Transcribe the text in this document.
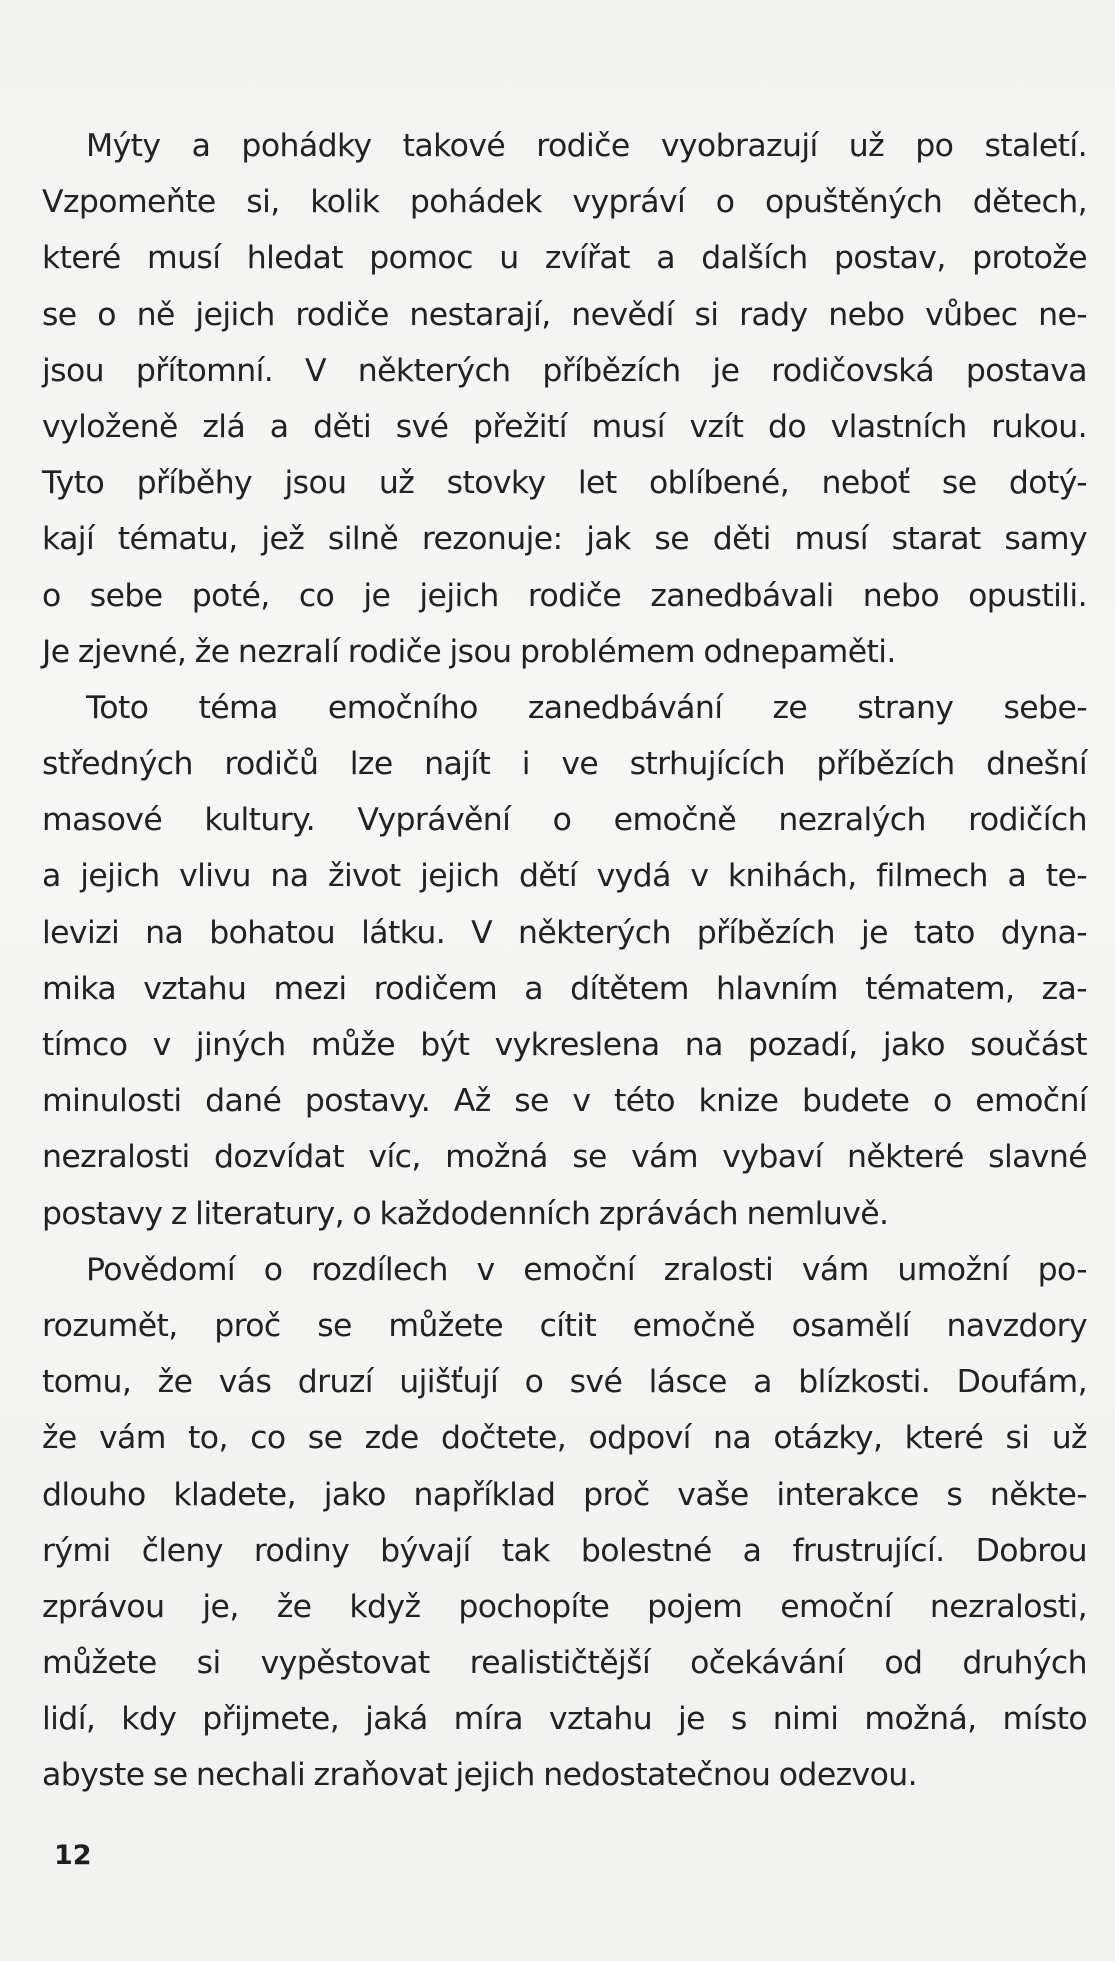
Mýty a pohádky takové rodiče vyobrazují už po staletí.
Vzpomeňte si, kolik pohádek vypráví o opuštěných dětech,
které musí hledat pomoc u zvířat a dalších postav, protože
se o ně jejich rodiče nestarají, nevědí si rady nebo vůbec ne-
jsou přítomní. V některých příbězích je rodičovská postava
vyloženě zlá a děti své přežití musí vzít do vlastních rukou.
Tyto příběhy jsou už stovky let oblíbené, neboť se dotý-
kají tématu, jež silně rezonuje: jak se děti musí starat samy
o sebe poté, co je jejich rodiče zanedbávali nebo opustili.
Je zjevné, že nezralí rodiče jsou problémem odnepaměti.
Toto téma emočního zanedbávání ze strany sebe-
středných rodičů lze najít i ve strhujících příbězích dnešní
masové kultury. Vyprávění o emočně nezralých rodičích
a jejich vlivu na život jejich dětí vydá v knihách, filmech a te-
levizi na bohatou látku. V některých příbězích je tato dyna-
mika vztahu mezi rodičem a dítětem hlavním tématem, za-
tímco v jiných může být vykreslena na pozadí, jako součást
minulosti dané postavy. Až se v této knize budete o emoční
nezralosti dozvídat víc, možná se vám vybaví některé slavné
postavy z literatury, o každodenních zprávách nemluvě.
Povědomí o rozdílech v emoční zralosti vám umožní po-
rozumět, proč se můžete cítit emočně osamělí navzdory
tomu, že vás druzí ujišťují o své lásce a blízkosti. Doufám,
že vám to, co se zde dočtete, odpoví na otázky, které si už
dlouho kladete, jako například proč vaše interakce s někte-
rými členy rodiny bývají tak bolestné a frustrující. Dobrou
zprávou je, že když pochopíte pojem emoční nezralosti,
můžete si vypěstovat realističtější očekávání od druhých
lidí, kdy přijmete, jaká míra vztahu je s nimi možná, místo
abyste se nechali zraňovat jejich nedostatečnou odezvou.
12
